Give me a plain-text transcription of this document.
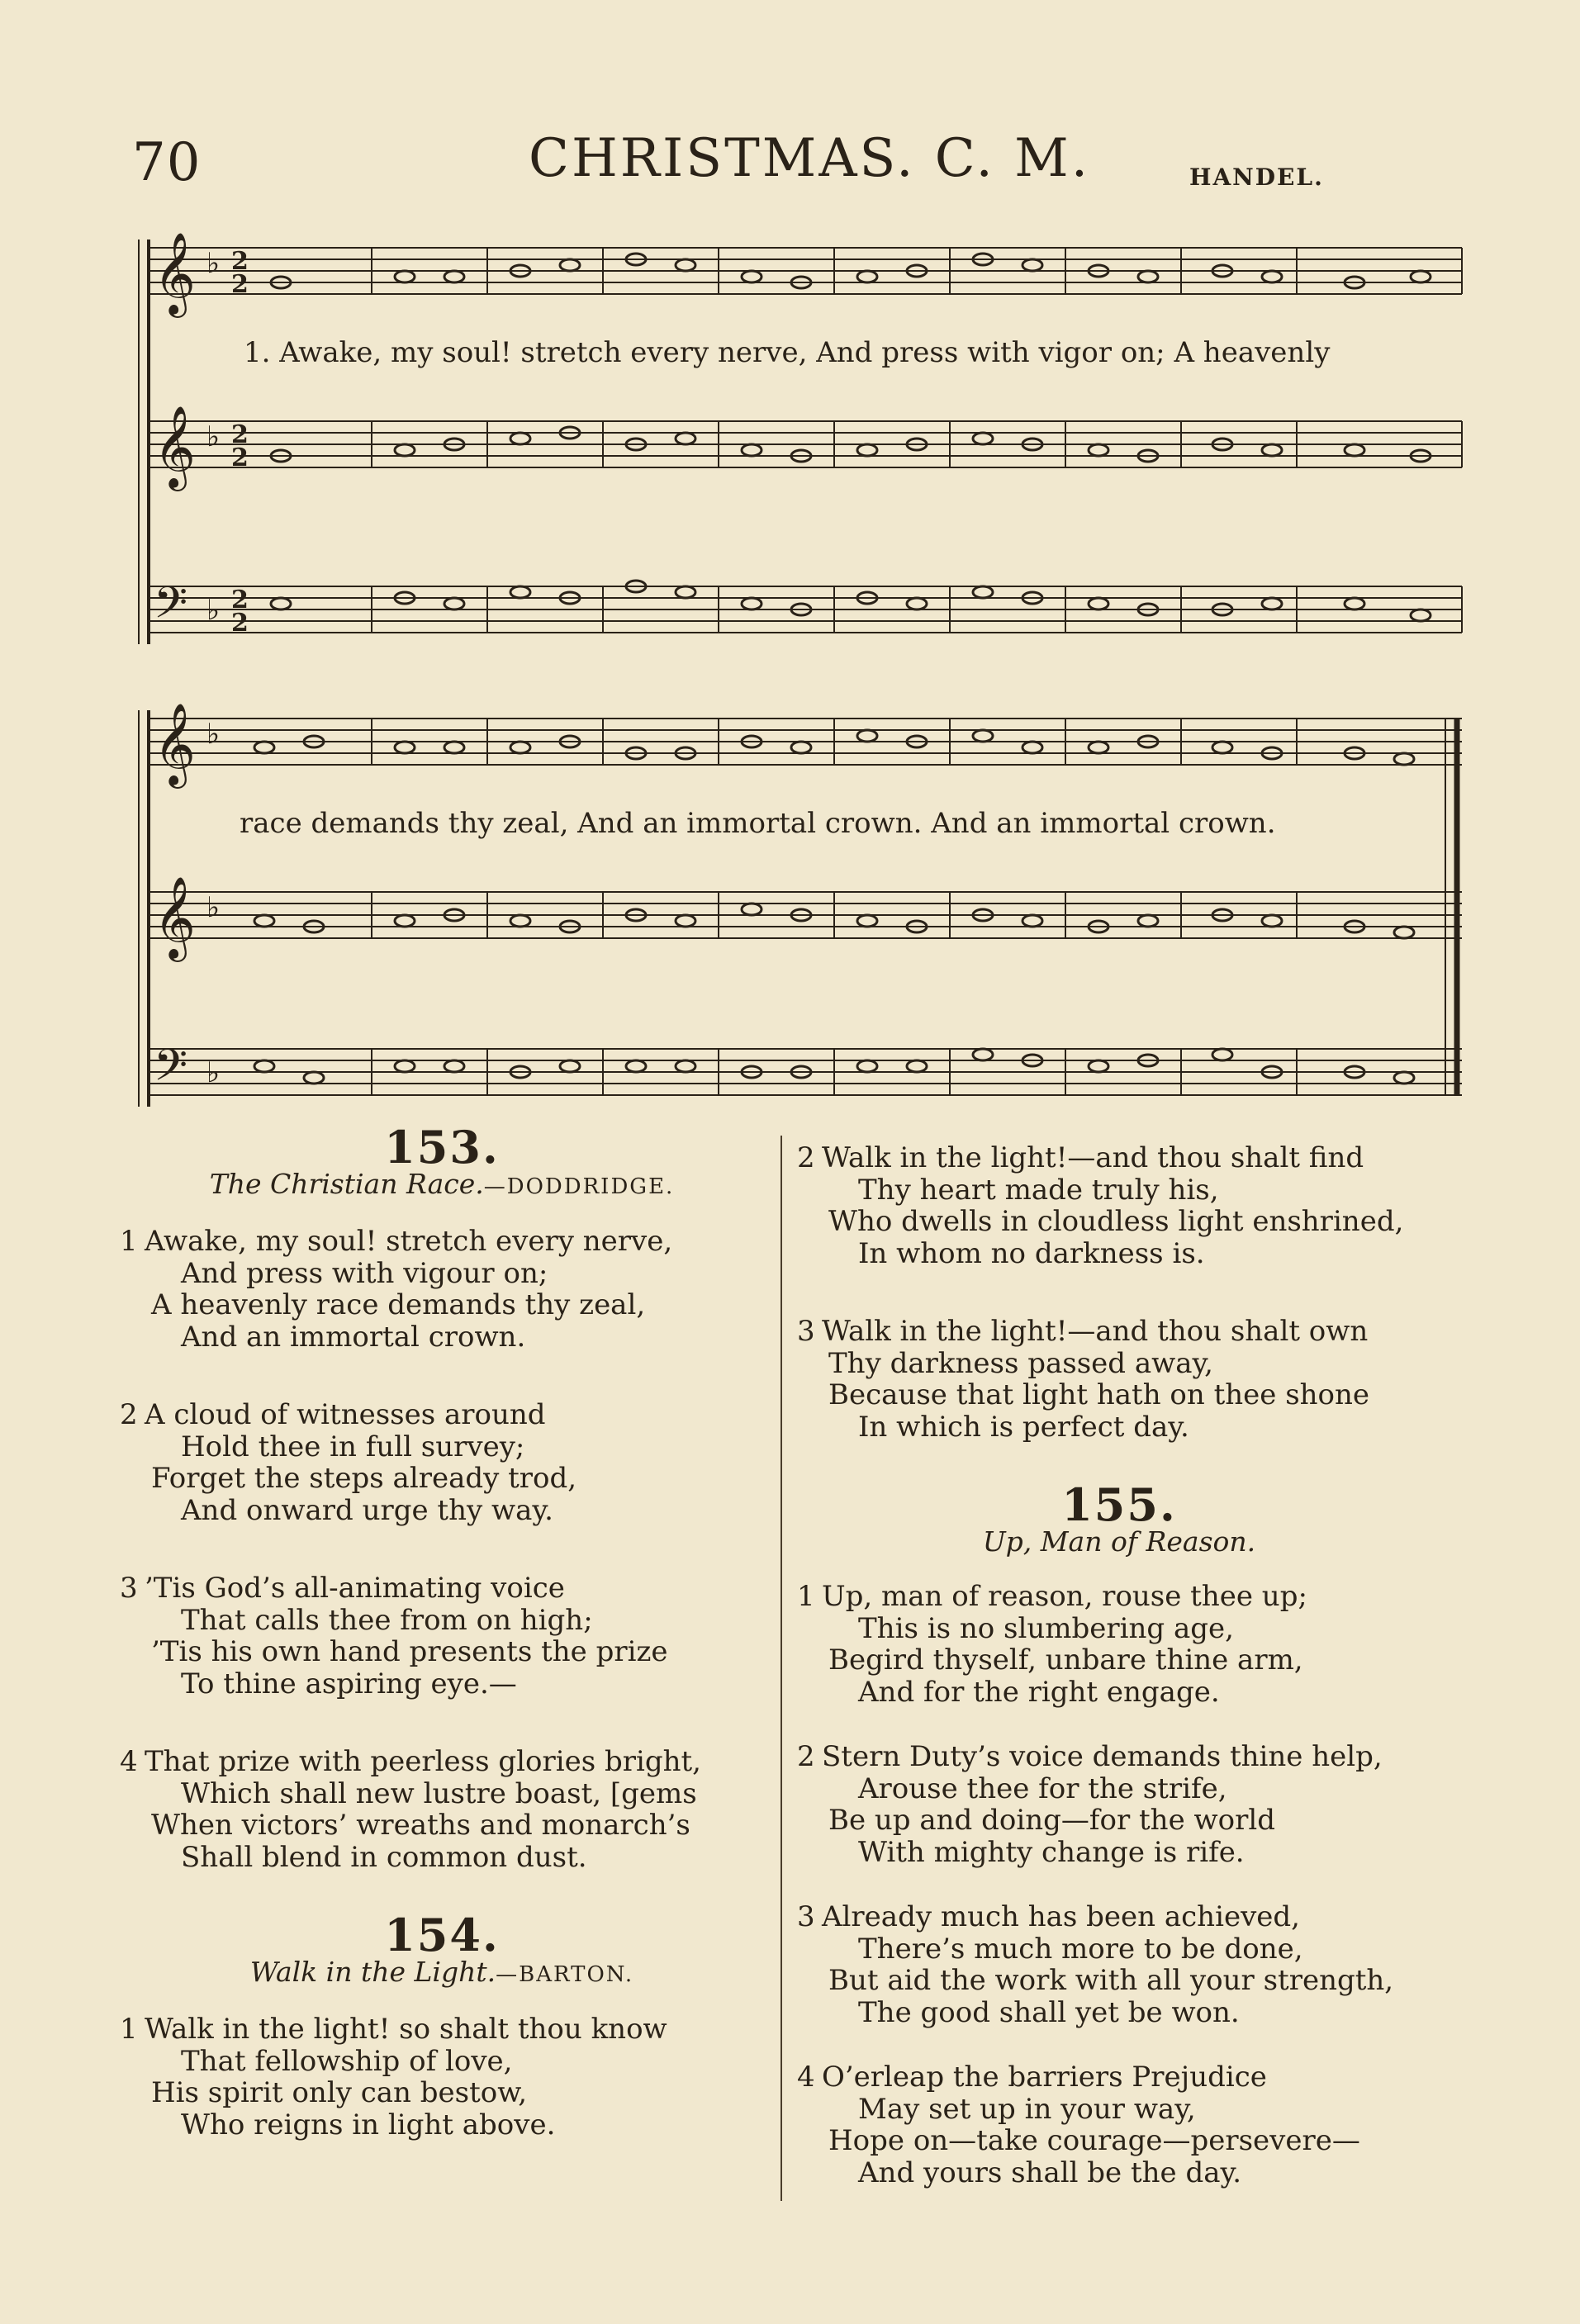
70	CHRISTMAS. C. M.	HANDEL.
𝄞
𝄞
𝄢
♭
♭
♭
2
2
2
2
2
2
1. Awake, my soul! stretch every nerve, And press with vigor on; A heavenly
𝄞
𝄞
𝄢
♭
♭
♭
race demands thy zeal, And an immortal crown. And an immortal crown.
153.
The Christian Race.—DODDRIDGE.
1 Awake, my soul! stretch every nerve,
And press with vigour on;
A heavenly race demands thy zeal,
And an immortal crown.
2 A cloud of witnesses around
Hold thee in full survey;
Forget the steps already trod,
And onward urge thy way.
3 ’Tis God’s all-animating voice
That calls thee from on high;
’Tis his own hand presents the prize
To thine aspiring eye.—
4 That prize with peerless glories bright,
Which shall new lustre boast, [gems
When victors’ wreaths and monarch’s
Shall blend in common dust.
154.
Walk in the Light.—BARTON.
1 Walk in the light! so shalt thou know
That fellowship of love,
His spirit only can bestow,
Who reigns in light above.
2 Walk in the light!—and thou shalt find
Thy heart made truly his,
Who dwells in cloudless light enshrined,
In whom no darkness is.
3 Walk in the light!—and thou shalt own
Thy darkness passed away,
Because that light hath on thee shone
In which is perfect day.
155.
Up, Man of Reason.
1 Up, man of reason, rouse thee up;
This is no slumbering age,
Begird thyself, unbare thine arm,
And for the right engage.
2 Stern Duty’s voice demands thine help,
Arouse thee for the strife,
Be up and doing—for the world
With mighty change is rife.
3 Already much has been achieved,
There’s much more to be done,
But aid the work with all your strength,
The good shall yet be won.
4 O’erleap the barriers Prejudice
May set up in your way,
Hope on—take courage—persevere—
And yours shall be the day.
